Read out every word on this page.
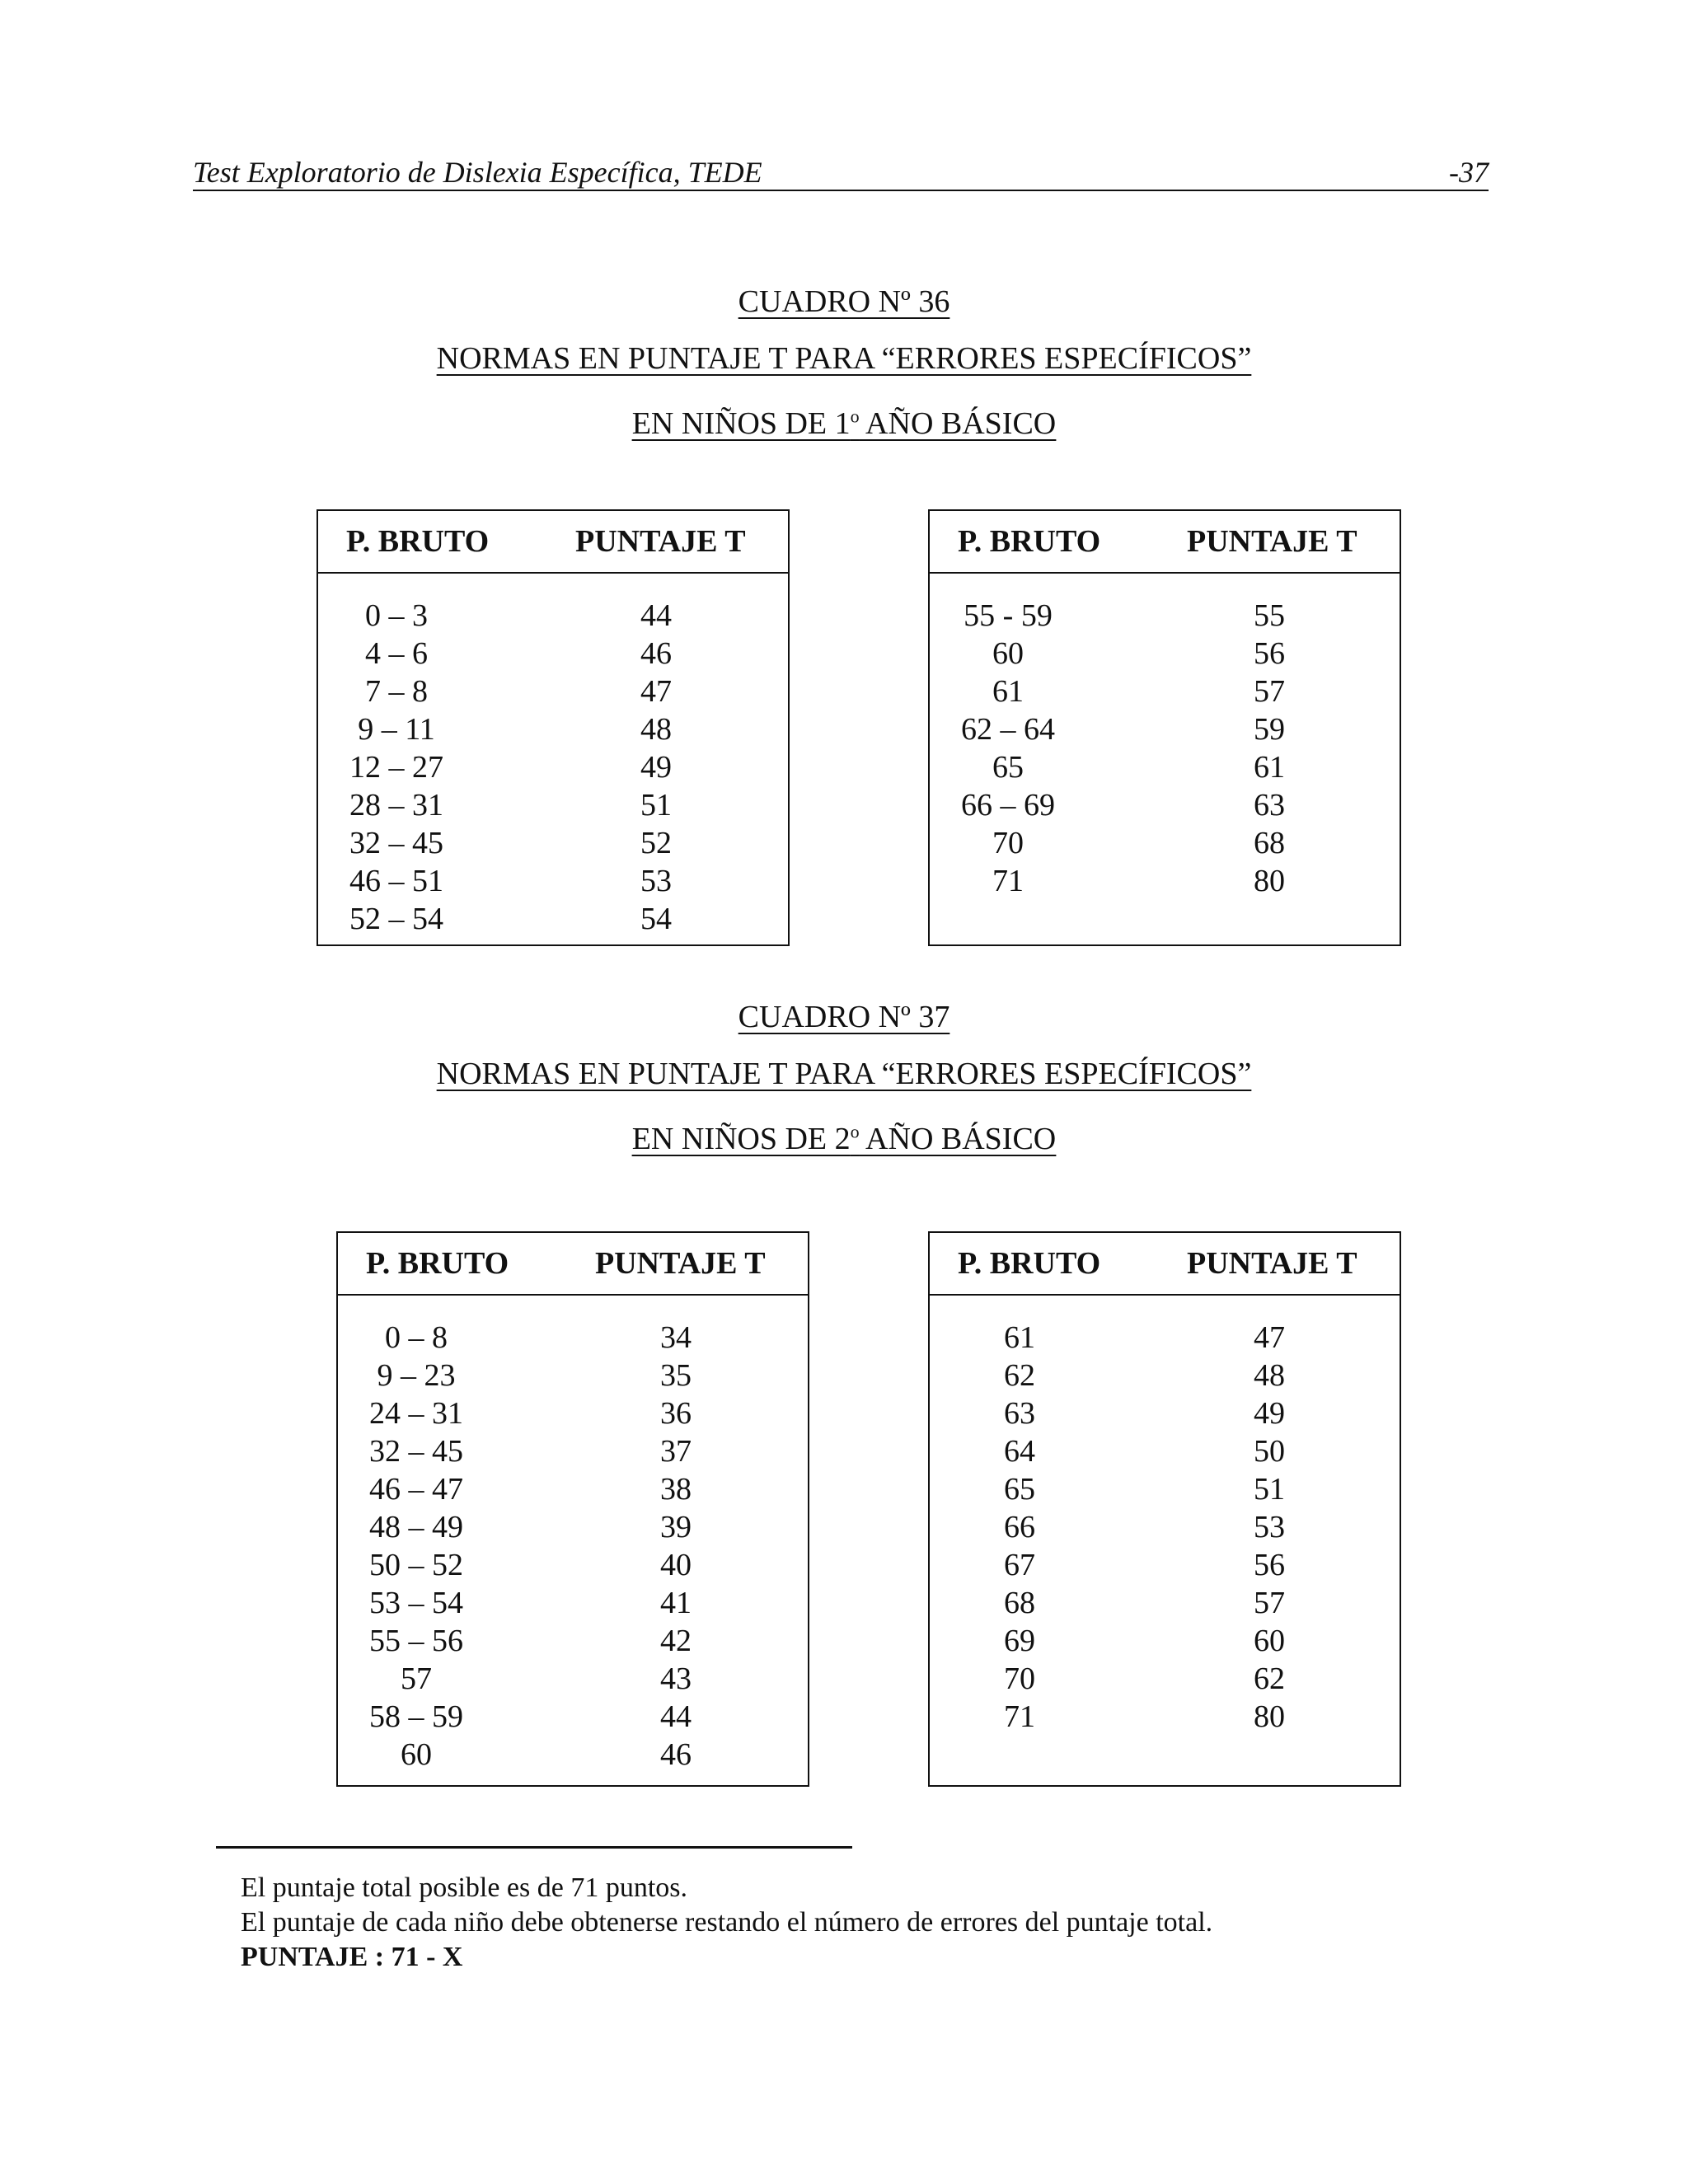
Test Exploratorio de Dislexia Específica, TEDE	-37
CUADRO Nº 36
NORMAS EN PUNTAJE T PARA “ERRORES ESPECÍFICOS”
EN NIÑOS DE 1$^o$ AÑO BÁSICO
P. BRUTO	PUNTAJE T
0 – 3	44
4 – 6	46
7 – 8	47
9 – 11	48
12 – 27	49
28 – 31	51
32 – 45	52
46 – 51	53
52 – 54	54
P. BRUTO	PUNTAJE T
55 - 59	55
60	56
61	57
62 – 64	59
65	61
66 – 69	63
70	68
71	80
CUADRO Nº 37
NORMAS EN PUNTAJE T PARA “ERRORES ESPECÍFICOS”
EN NIÑOS DE 2$^o$ AÑO BÁSICO
P. BRUTO	PUNTAJE T
0 – 8	34
9 – 23	35
24 – 31	36
32 – 45	37
46 – 47	38
48 – 49	39
50 – 52	40
53 – 54	41
55 – 56	42
57	43
58 – 59	44
60	46
P. BRUTO	PUNTAJE T
61	47
62	48
63	49
64	50
65	51
66	53
67	56
68	57
69	60
70	62
71	80
El puntaje total posible es de 71 puntos.
El puntaje de cada niño debe obtenerse restando el número de errores del puntaje total.
PUNTAJE : 71 - X
